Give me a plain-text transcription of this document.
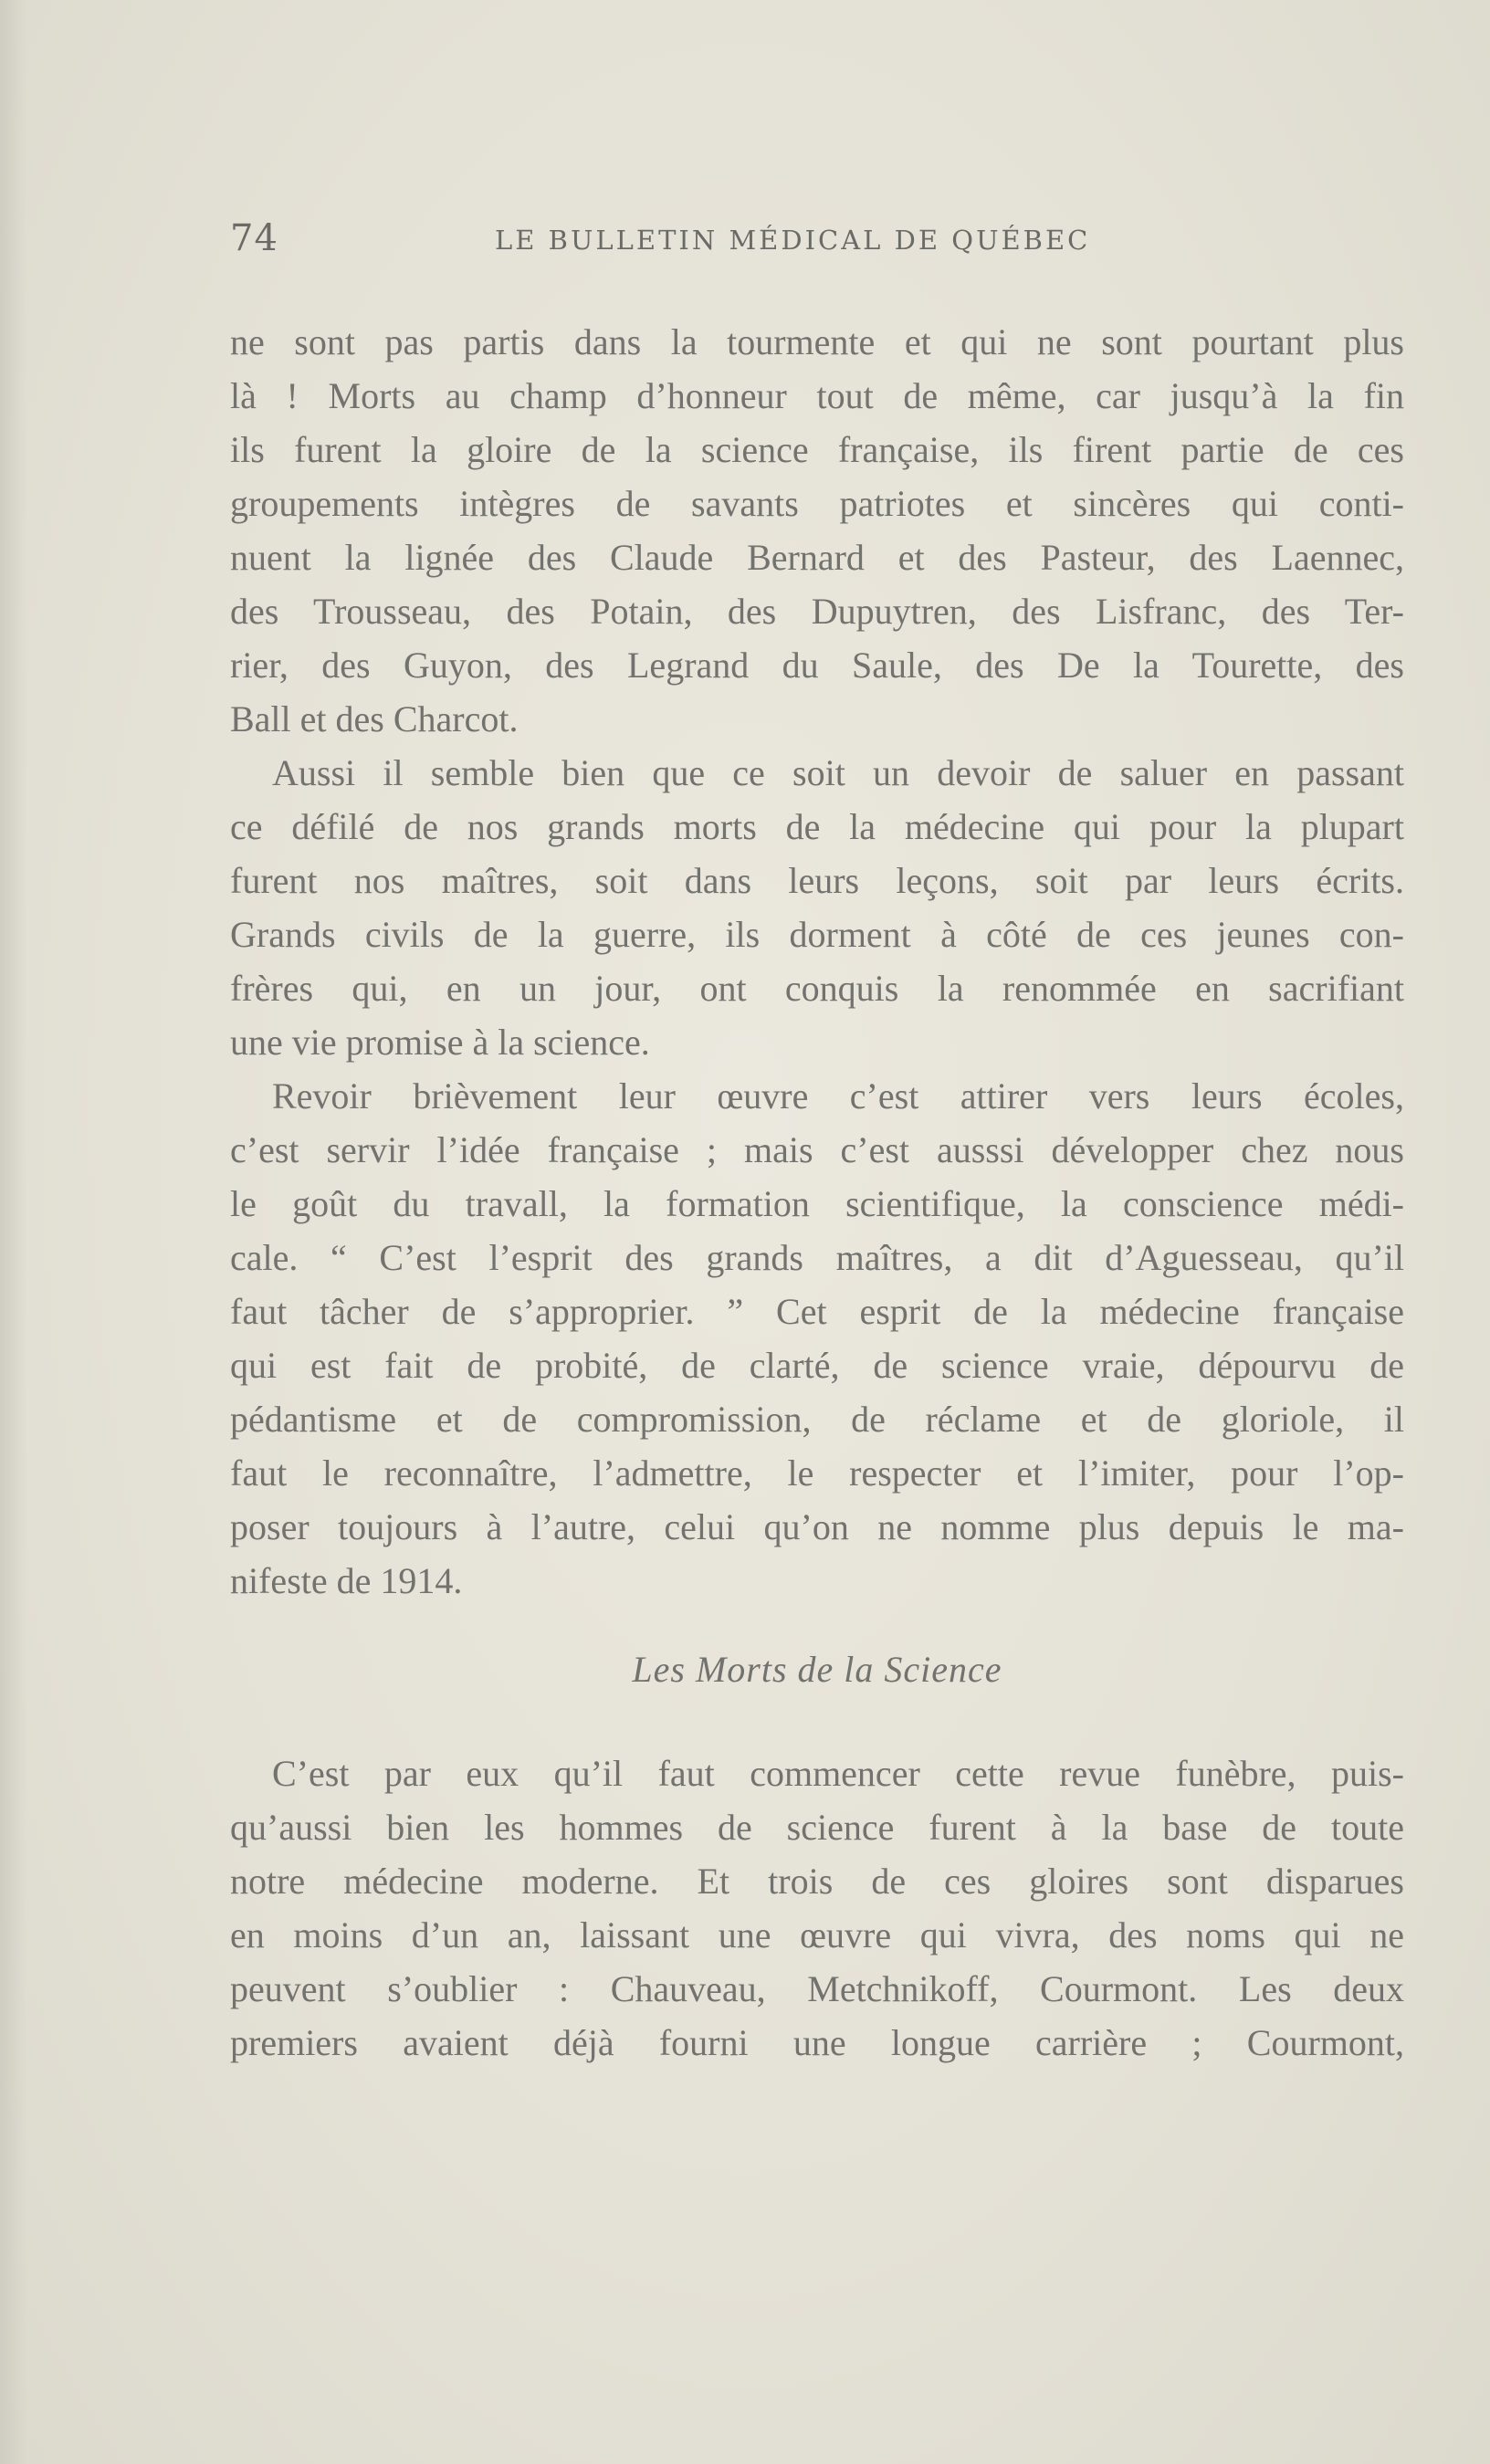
74	LE BULLETIN MÉDICAL DE QUÉBEC
ne sont pas partis dans la tourmente et qui ne sont pourtant plus
là ! Morts au champ d’honneur tout de même, car jusqu’à la fin
ils furent la gloire de la science française, ils firent partie de ces
groupements intègres de savants patriotes et sincères qui conti-
nuent la lignée des Claude Bernard et des Pasteur, des Laennec,
des Trousseau, des Potain, des Dupuytren, des Lisfranc, des Ter-
rier, des Guyon, des Legrand du Saule, des De la Tourette, des
Ball et des Charcot.
Aussi il semble bien que ce soit un devoir de saluer en passant
ce défilé de nos grands morts de la médecine qui pour la plupart
furent nos maîtres, soit dans leurs leçons, soit par leurs écrits.
Grands civils de la guerre, ils dorment à côté de ces jeunes con-
frères qui, en un jour, ont conquis la renommée en sacrifiant
une vie promise à la science.
Revoir brièvement leur œuvre c’est attirer vers leurs écoles,
c’est servir l’idée française ; mais c’est ausssi développer chez nous
le goût du travall, la formation scientifique, la conscience médi-
cale. “ C’est l’esprit des grands maîtres, a dit d’Aguesseau, qu’il
faut tâcher de s’approprier. ” Cet esprit de la médecine française
qui est fait de probité, de clarté, de science vraie, dépourvu de
pédantisme et de compromission, de réclame et de gloriole, il
faut le reconnaître, l’admettre, le respecter et l’imiter, pour l’op-
poser toujours à l’autre, celui qu’on ne nomme plus depuis le ma-
nifeste de 1914.
Les Morts de la Science
C’est par eux qu’il faut commencer cette revue funèbre, puis-
qu’aussi bien les hommes de science furent à la base de toute
notre médecine moderne. Et trois de ces gloires sont disparues
en moins d’un an, laissant une œuvre qui vivra, des noms qui ne
peuvent s’oublier : Chauveau, Metchnikoff, Courmont. Les deux
premiers avaient déjà fourni une longue carrière ; Courmont,
